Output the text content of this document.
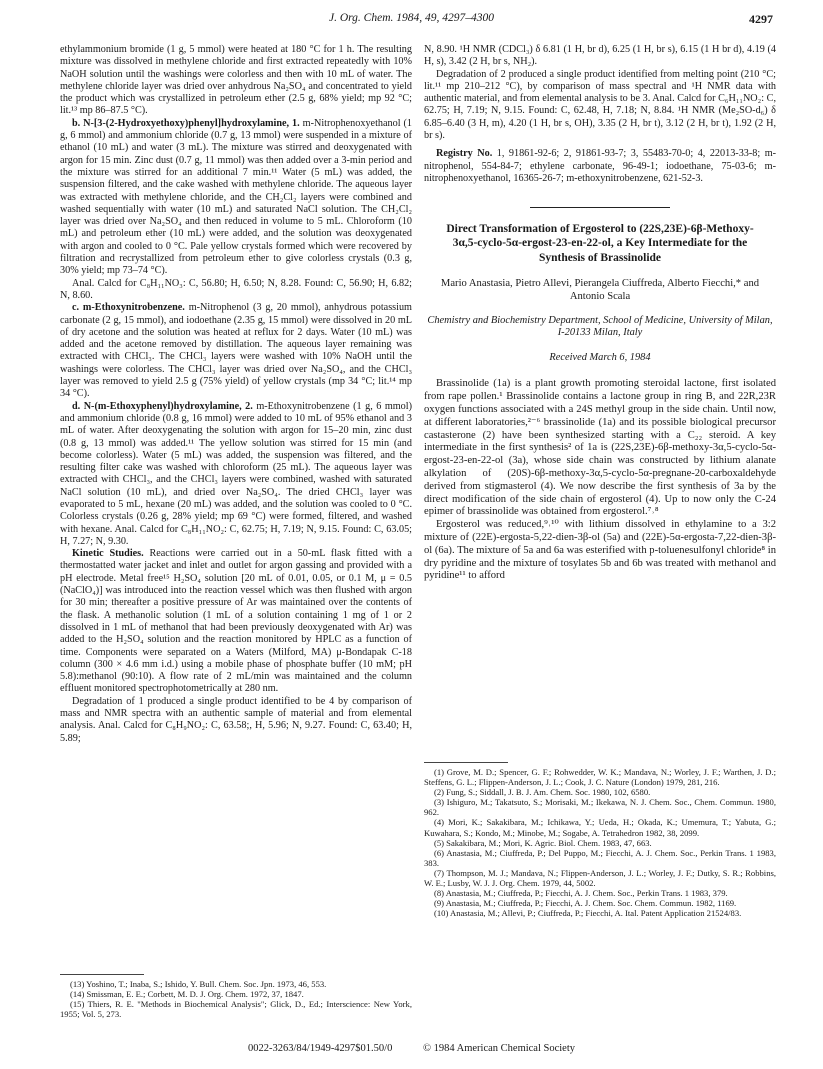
J. Org. Chem. 1984, 49, 4297–4300	4297

ethylammonium bromide (1 g, 5 mmol) were heated at 180 °C for 1 h. The resulting mixture was dissolved in methylene chloride and first extracted repeatedly with 10% NaOH solution until the washings were colorless and then with 10 mL of water. The methylene chloride layer was dried over anhydrous Na₂SO₄ and concentrated to yield the product which was crystallized in petroleum ether (2.5 g, 68% yield; mp 92 °C; lit.¹³ mp 86–87.5 °C).

b. N-[3-(2-Hydroxyethoxy)phenyl]hydroxylamine, 1. m-Nitrophenoxyethanol (1 g, 6 mmol) and ammonium chloride (0.7 g, 13 mmol) were suspended in a mixture of ethanol (10 mL) and water (3 mL). The mixture was stirred and deoxygenated with argon for 15 min. Zinc dust (0.7 g, 11 mmol) was then added over a 3-min period and the mixture was stirred for an additional 7 min.¹¹ Water (5 mL) was added, the suspension filtered, and the cake washed with methylene chloride. The aqueous layer was extracted with methylene chloride, and the CH₂Cl₂ layers were combined and washed sequentially with water (10 mL) and saturated NaCl solution. The CH₂Cl₂ layer was dried over Na₂SO₄ and then reduced in volume to 5 mL. Chloroform (10 mL) and petroleum ether (10 mL) were added, and the solution was deoxygenated with argon and cooled to 0 °C. Pale yellow crystals formed which were recovered by filtration and recrystallized from petroleum ether to give colorless crystals (0.3 g, 30% yield; mp 73–74 °C).

Anal. Calcd for C₈H₁₁NO₃: C, 56.80; H, 6.50; N, 8.28. Found: C, 56.90; H, 6.82; N, 8.60.

c. m-Ethoxynitrobenzene. m-Nitrophenol (3 g, 20 mmol), anhydrous potassium carbonate (2 g, 15 mmol), and iodoethane (2.35 g, 15 mmol) were dissolved in 20 mL of dry acetone and the solution was heated at reflux for 2 days. Water (10 mL) was added and the acetone removed by distillation. The aqueous layer remaining was extracted with CHCl₃. The CHCl₃ layers were washed with 10% NaOH until the washings were colorless. The CHCl₃ layer was dried over Na₂SO₄, and the CHCl₃ layer was removed to yield 2.5 g (75% yield) of yellow crystals (mp 34 °C; lit.¹⁴ mp 34 °C).

d. N-(m-Ethoxyphenyl)hydroxylamine, 2. m-Ethoxynitrobenzene (1 g, 6 mmol) and ammonium chloride (0.8 g, 16 mmol) were added to 10 mL of 95% ethanol and 3 mL of water. After deoxygenating the solution with argon for 15–20 min, zinc dust (0.8 g, 13 mmol) was added.¹¹ The yellow solution was stirred for 15 min (and become colorless). Water (5 mL) was added, the suspension was filtered, and the resulting filter cake was washed with chloroform (25 mL). The aqueous layer was extracted with CHCl₃, and the CHCl₃ layers were combined, washed with saturated NaCl solution (10 mL), and dried over Na₂SO₄. The dried CHCl₃ layer was evaporated to 5 mL, hexane (20 mL) was added, and the solution was cooled to 0 °C. Colorless crystals (0.26 g, 28% yield; mp 69 °C) were formed, filtered, and washed with hexane. Anal. Calcd for C₈H₁₁NO₂: C, 62.75; H, 7.19; N, 9.15. Found: C, 63.05; H, 7.27; N, 9.30.

Kinetic Studies. Reactions were carried out in a 50-mL flask fitted with a thermostatted water jacket and inlet and outlet for argon gassing and provided with a pH electrode. Metal free¹⁵ H₂SO₄ solution [20 mL of 0.01, 0.05, or 0.1 M, μ = 0.5 (NaClO₄)] was introduced into the reaction vessel which was then flushed with argon for 30 min; thereafter a positive pressure of Ar was maintained over the contents of the flask. A methanolic solution (1 mL of a solution containing 1 mg of 1 or 2 dissolved in 1 mL of methanol that had been previously deoxygenated with Ar) was added to the H₂SO₄ solution and the reaction monitored by HPLC as a function of time. Components were separated on a Waters (Milford, MA) μ-Bondapak C-18 column (300 × 4.6 mm i.d.) using a mobile phase of phosphate buffer (10 mM; pH 5.8):methanol (90:10). A flow rate of 2 mL/min was maintained and the column effluent monitored spectrophotometrically at 280 nm.

Degradation of 1 produced a single product identified to be 4 by comparison of mass and NMR spectra with an authentic sample of material and from elemental analysis. Anal. Calcd for C₈H₉NO₂: C, 63.58;, H, 5.96; N, 9.27. Found: C, 63.40; H, 5.89;

(13) Yoshino, T.; Inaba, S.; Ishido, Y. Bull. Chem. Soc. Jpn. 1973, 46, 553.

(14) Smissman, E. E.; Corbett, M. D. J. Org. Chem. 1972, 37, 1847.

(15) Thiers, R. E. "Methods in Biochemical Analysis"; Glick, D., Ed.; Interscience: New York, 1955; Vol. 5, 273.

N, 8.90. ¹H NMR (CDCl₃) δ 6.81 (1 H, br d), 6.25 (1 H, br s), 6.15 (1 H br d), 4.19 (4 H, s), 3.42 (2 H, br s, NH₂).

Degradation of 2 produced a single product identified from melting point (210 °C; lit.¹¹ mp 210–212 °C), by comparison of mass spectral and ¹H NMR data with authentic material, and from elemental analysis to be 3. Anal. Calcd for C₆H₁₁NO₂: C, 62.75; H, 7.19; N, 9.15. Found: C, 62.48, H, 7.18; N, 8.84. ¹H NMR (Me₂SO-d₆) δ 6.85–6.40 (3 H, m), 4.20 (1 H, br s, OH), 3.35 (2 H, br t), 3.12 (2 H, br t), 1.92 (2 H, br s).

Registry No. 1, 91861-92-6; 2, 91861-93-7; 3, 55483-70-0; 4, 22013-33-8; m-nitrophenol, 554-84-7; ethylene carbonate, 96-49-1; iodoethane, 75-03-6; m-nitrophenoxyethanol, 16365-26-7; m-ethoxynitrobenzene, 621-52-3.

Direct Transformation of Ergosterol to (22S,23E)-6β-Methoxy-3α,5-cyclo-5α-ergost-23-en-22-ol, a Key Intermediate for the Synthesis of Brassinolide
Mario Anastasia, Pietro Allevi, Pierangela Ciuffreda, Alberto Fiecchi,* and Antonio Scala
Chemistry and Biochemistry Department, School of Medicine, University of Milan, I-20133 Milan, Italy
Received March 6, 1984

Brassinolide (1a) is a plant growth promoting steroidal lactone, first isolated from rape pollen.¹ Brassinolide contains a lactone group in ring B, and 22R,23R oxygen functions associated with a 24S methyl group in the side chain. Until now, at different laboratories,²⁻⁶ brassinolide (1a) and its possible biological precursor castasterone (2) have been synthesized starting with a C₂₂ steroid. A key intermediate in the first synthesis² of 1a is (22S,23E)-6β-methoxy-3α,5-cyclo-5α-ergost-23-en-22-ol (3a), whose side chain was constructed by lithium alanate alkylation of (20S)-6β-methoxy-3α,5-cyclo-5α-pregnane-20-carboxaldehyde derived from stigmasterol (4). We now describe the first synthesis of 3a by the direct modification of the side chain of ergosterol (4). Up to now only the C-24 epimer of brassinolide was obtained from ergosterol.⁷˒⁸

Ergosterol was reduced,⁹˒¹⁰ with lithium dissolved in ethylamine to a 3:2 mixture of (22E)-ergosta-5,22-dien-3β-ol (5a) and (22E)-5α-ergosta-7,22-dien-3β-ol (6a). The mixture of 5a and 6a was esterified with p-toluenesulfonyl chloride⁸ in dry pyridine and the mixture of tosylates 5b and 6b was treated with methanol and pyridine¹¹ to afford

(1) Grove, M. D.; Spencer, G. F.; Rohwedder, W. K.; Mandava, N.; Worley, J. F.; Warthen, J. D.; Steffens, G. L.; Flippen-Anderson, J. L.; Cook, J. C. Nature (London) 1979, 281, 216.

(2) Fung, S.; Siddall, J. B. J. Am. Chem. Soc. 1980, 102, 6580.

(3) Ishiguro, M.; Takatsuto, S.; Morisaki, M.; Ikekawa, N. J. Chem. Soc., Chem. Commun. 1980, 962.

(4) Mori, K.; Sakakibara, M.; Ichikawa, Y.; Ueda, H.; Okada, K.; Umemura, T.; Yabuta, G.; Kuwahara, S.; Kondo, M.; Minobe, M.; Sogabe, A. Tetrahedron 1982, 38, 2099.

(5) Sakakibara, M.; Mori, K. Agric. Biol. Chem. 1983, 47, 663.

(6) Anastasia, M.; Ciuffreda, P.; Del Puppo, M.; Fiecchi, A. J. Chem. Soc., Perkin Trans. 1 1983, 383.

(7) Thompson, M. J.; Mandava, N.; Flippen-Anderson, J. L.; Worley, J. F.; Dutky, S. R.; Robbins, W. E.; Lusby, W. J. J. Org. Chem. 1979, 44, 5002.

(8) Anastasia, M.; Ciuffreda, P.; Fiecchi, A. J. Chem. Soc., Perkin Trans. 1 1983, 379.

(9) Anastasia, M.; Ciuffreda, P.; Fiecchi, A. J. Chem. Soc. Chem. Commun. 1982, 1169.

(10) Anastasia, M.; Allevi, P.; Ciuffreda, P.; Fiecchi, A. Ital. Patent Application 21524/83.

0022-3263/84/1949-4297$01.50/0	© 1984 American Chemical Society
